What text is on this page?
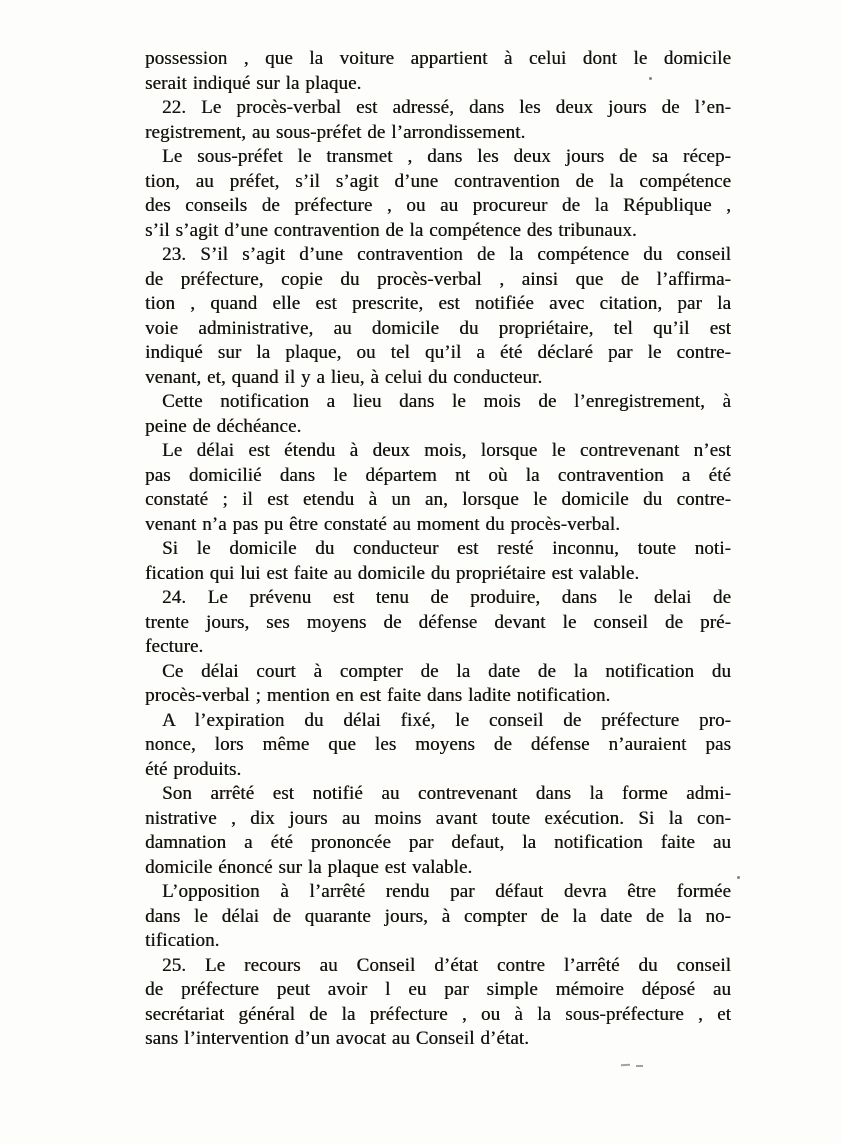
possession , que la voiture appartient à celui dont le domicile
serait indiqué sur la plaque.
22. Le procès-verbal est adressé, dans les deux jours de l’en-
registrement, au sous-préfet de l’arrondissement.
Le sous-préfet le transmet , dans les deux jours de sa récep-
tion, au préfet, s’il s’agit d’une contravention de la compétence
des conseils de préfecture , ou au procureur de la République ,
s’il s’agit d’une contravention de la compétence des tribunaux.
23. S’il s’agit d’une contravention de la compétence du conseil
de préfecture, copie du procès-verbal , ainsi que de l’affirma-
tion , quand elle est prescrite, est notifiée avec citation, par la
voie administrative, au domicile du propriétaire, tel qu’il est
indiqué sur la plaque, ou tel qu’il a été déclaré par le contre-
venant, et, quand il y a lieu, à celui du conducteur.
Cette notification a lieu dans le mois de l’enregistrement, à
peine de déchéance.
Le délai est étendu à deux mois, lorsque le contrevenant n’est
pas domicilié dans le départem nt où la contravention a été
constaté ; il est etendu à un an, lorsque le domicile du contre-
venant n’a pas pu être constaté au moment du procès-verbal.
Si le domicile du conducteur est resté inconnu, toute noti-
fication qui lui est faite au domicile du propriétaire est valable.
24. Le prévenu est tenu de produire, dans le delai de
trente jours, ses moyens de défense devant le conseil de pré-
fecture.
Ce délai court à compter de la date de la notification du
procès-verbal ; mention en est faite dans ladite notification.
A l’expiration du délai fixé, le conseil de préfecture pro-
nonce, lors même que les moyens de défense n’auraient pas
été produits.
Son arrêté est notifié au contrevenant dans la forme admi-
nistrative , dix jours au moins avant toute exécution. Si la con-
damnation a été prononcée par defaut, la notification faite au
domicile énoncé sur la plaque est valable.
L’opposition à l’arrêté rendu par défaut devra être formée
dans le délai de quarante jours, à compter de la date de la no-
tification.
25. Le recours au Conseil d’état contre l’arrêté du conseil
de préfecture peut avoir l eu par simple mémoire déposé au
secrétariat général de la préfecture , ou à la sous-préfecture , et
sans l’intervention d’un avocat au Conseil d’état.
